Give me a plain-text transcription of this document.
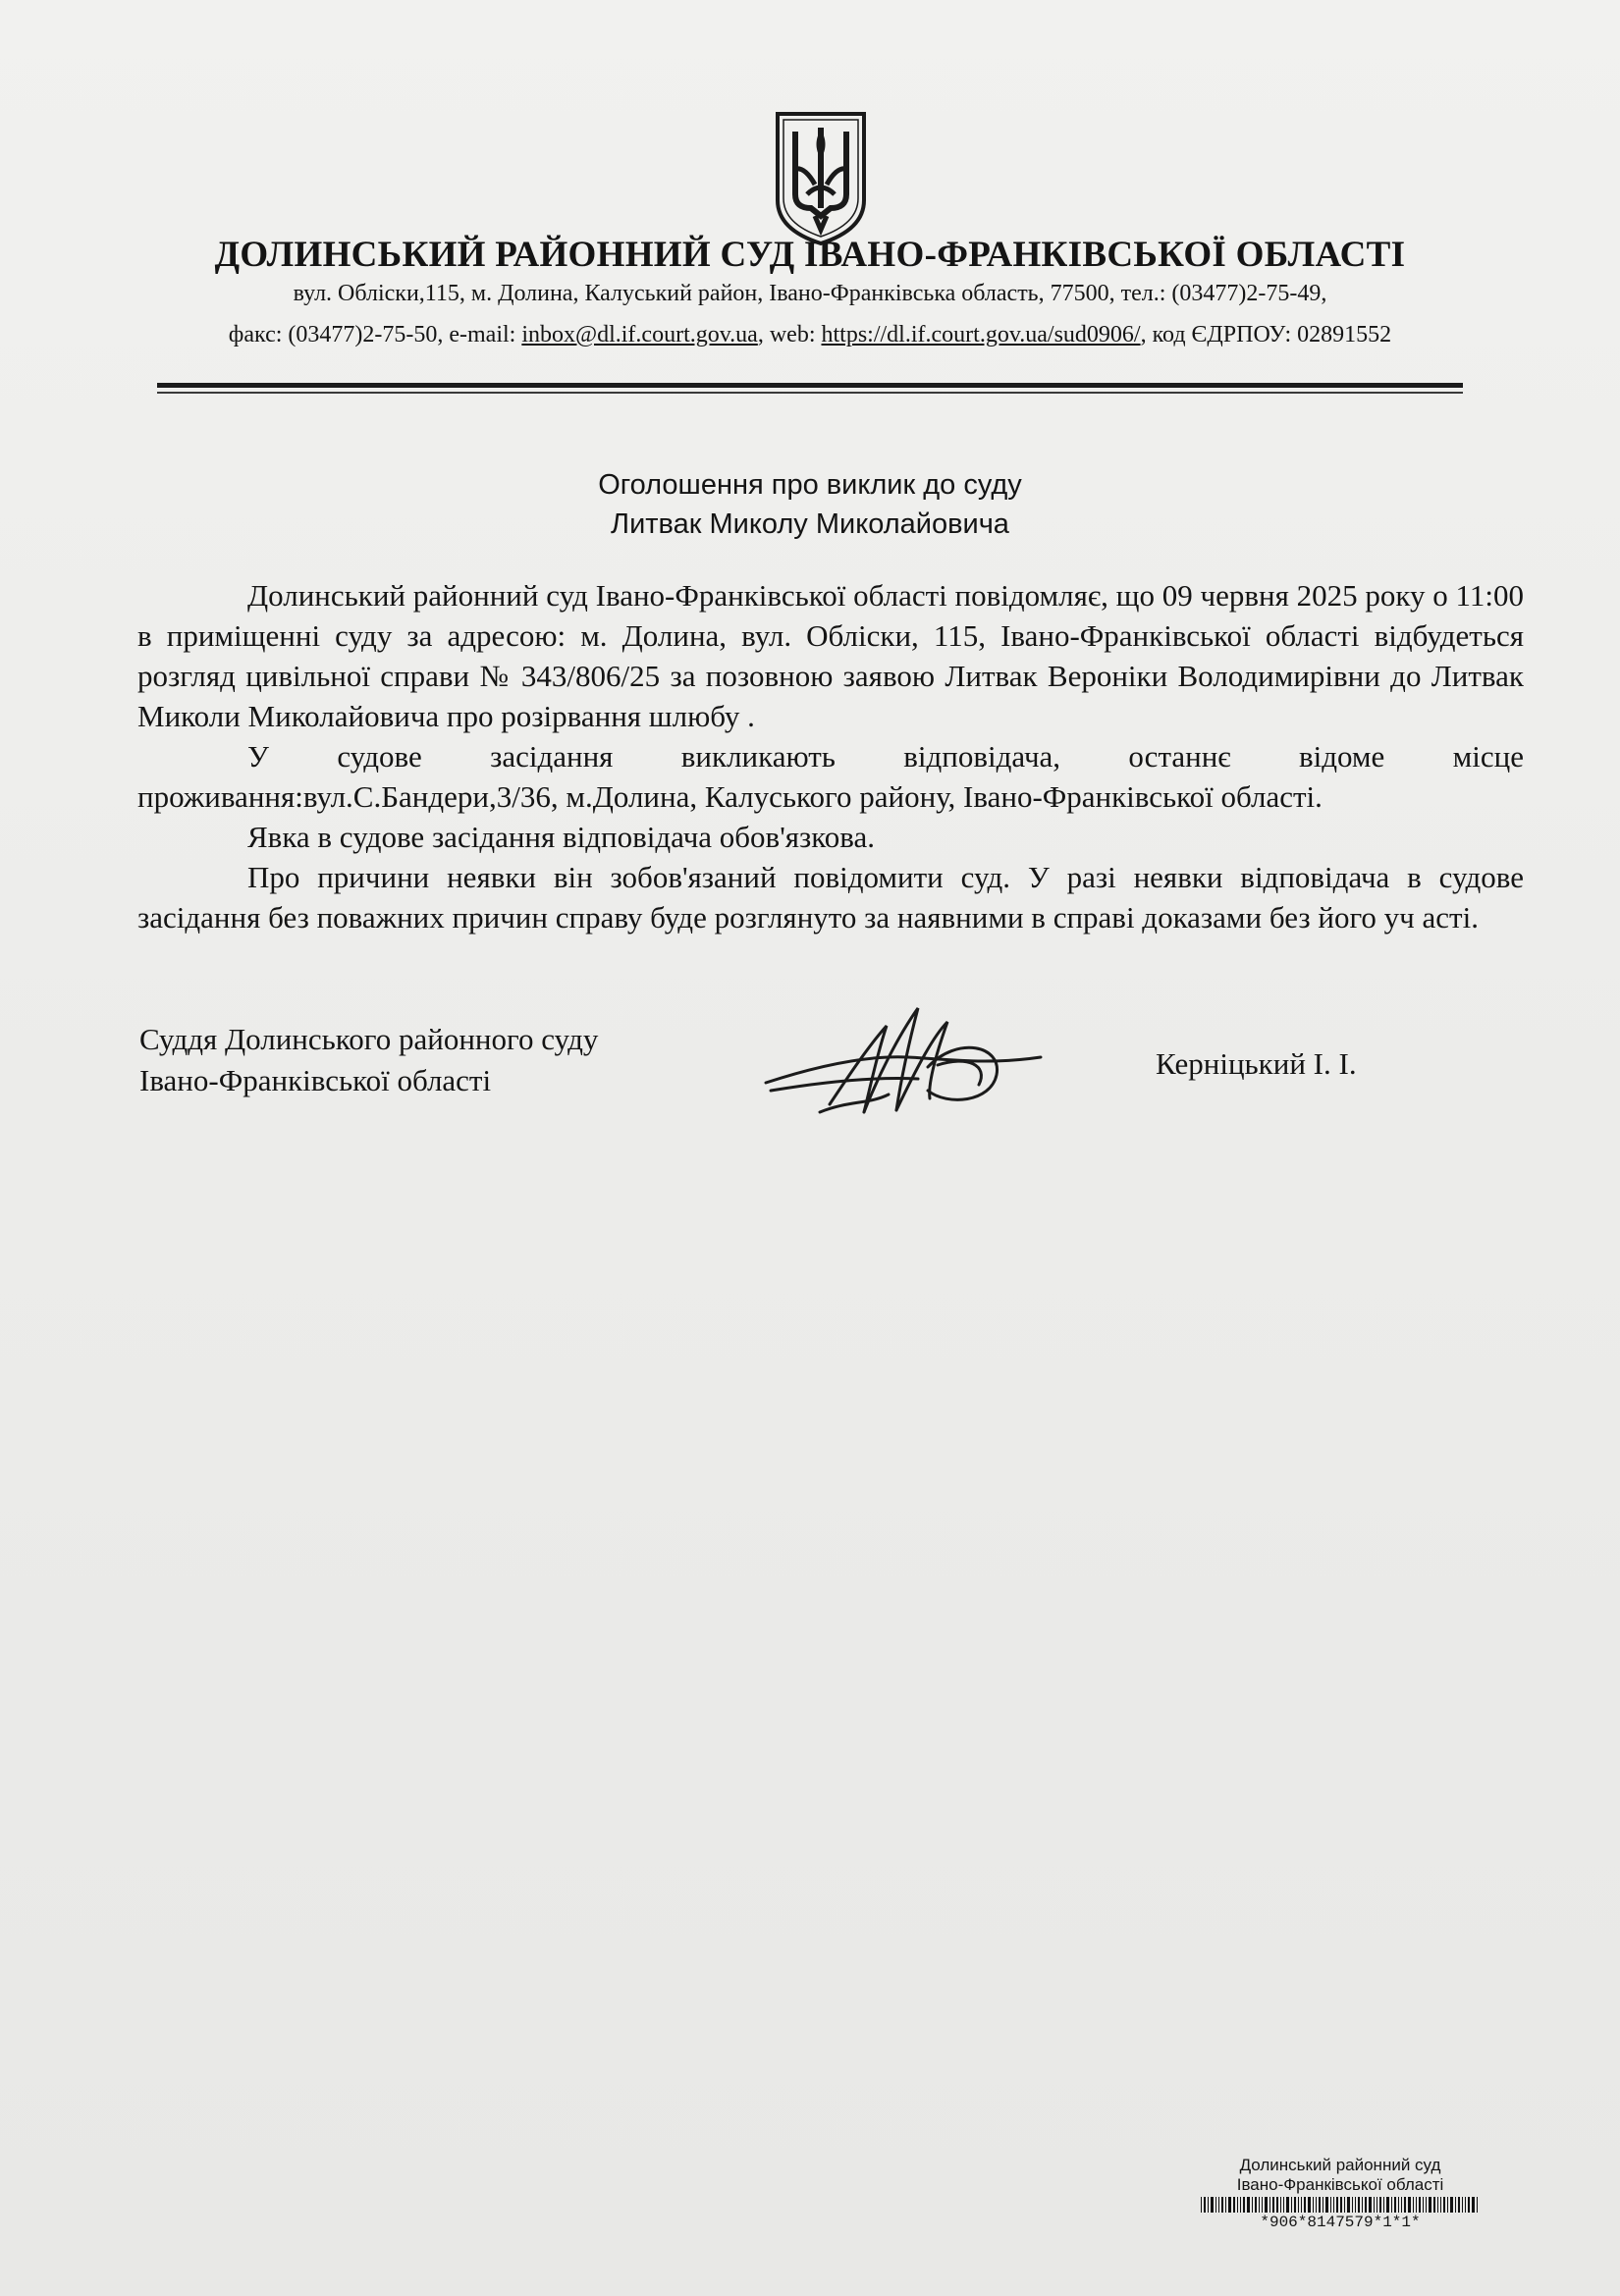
ДОЛИНСЬКИЙ РАЙОННИЙ СУД ІВАНО-ФРАНКІВСЬКОЇ ОБЛАСТІ
вул. Обліски,115, м. Долина, Калуський район, Івано-Франківська область, 77500, тел.: (03477)2-75-49,
факс: (03477)2-75-50, e-mail: inbox@dl.if.court.gov.ua, web: https://dl.if.court.gov.ua/sud0906/, код ЄДРПОУ: 02891552
Оголошення про виклик до суду
Литвак Миколу Миколайовича

Долинський районний суд Івано-Франківської області повідомляє, що 09 червня 2025 року о 11:00 в приміщенні суду за адресою: м. Долина, вул. Обліски, 115, Івано-Франківської області відбудеться розгляд цивільної справи № 343/806/25 за позовною заявою Литвак Вероніки Володимирівни до Литвак Миколи Миколайовича про розірвання шлюбу .

У судове засідання викликають відповідача, останнє відоме місце проживання:вул.С.Бандери,3/36, м.Долина, Калуського району, Івано-Франківської області.

Явка в судове засідання відповідача обов'язкова.

Про причини неявки він зобов'язаний повідомити суд. У разі неявки відповідача в судове засідання без поважних причин справу буде розглянуто за наявними в справі доказами без його уч асті.

Суддя Долинського районного суду
Івано-Франківської області	Керніцький І. І.
Долинський районний суд
Івано-Франківської області
*906*8147579*1*1*
